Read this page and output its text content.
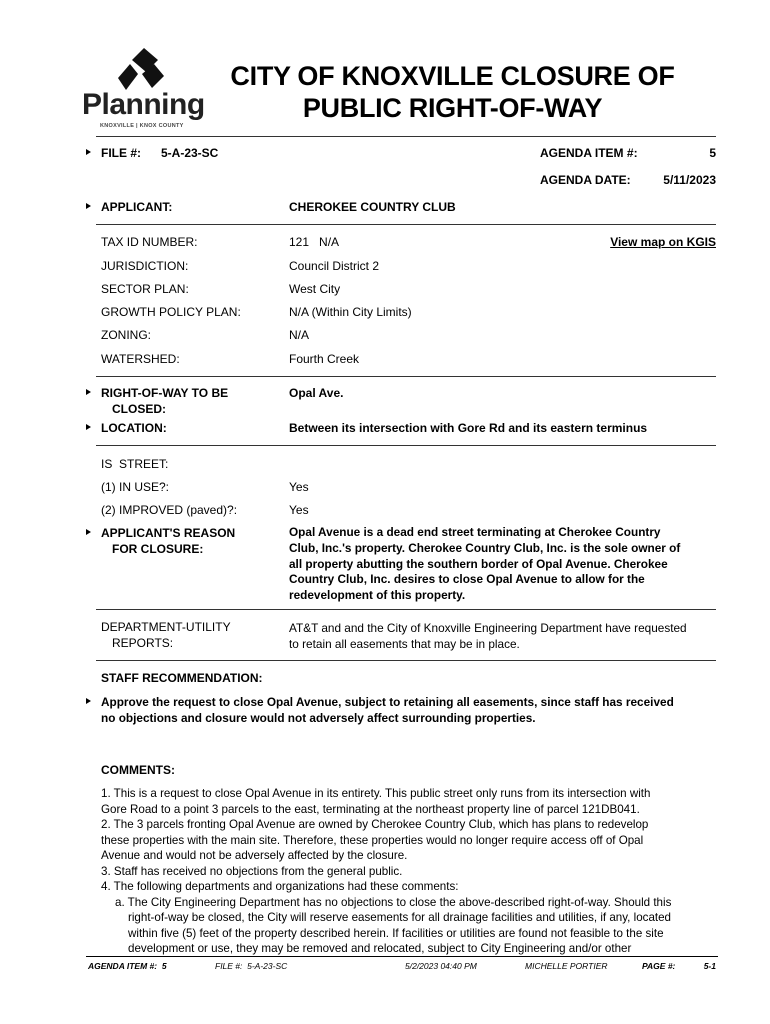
Planning
KNOXVILLE | KNOX COUNTY
CITY OF KNOXVILLE CLOSURE OF
PUBLIC RIGHT-OF-WAY
FILE #: 5-A-23-SC	AGENDA ITEM #:	5
AGENDA DATE:	5/11/2023
APPLICANT:	CHEROKEE COUNTRY CLUB
TAX ID NUMBER:	121   N/A	View map on KGIS
JURISDICTION:	Council District 2
SECTOR PLAN:	West City
GROWTH POLICY PLAN:	N/A (Within City Limits)
ZONING:	N/A
WATERSHED:	Fourth Creek
RIGHT-OF-WAY TO BE
CLOSED:
Opal Ave.
LOCATION:	Between its intersection with Gore Rd and its eastern terminus
IS  STREET:
(1) IN USE?:	Yes
(2) IMPROVED (paved)?:	Yes
APPLICANT'S REASON
FOR CLOSURE:
Opal Avenue is a dead end street terminating at Cherokee Country
Club, Inc.'s property. Cherokee Country Club, Inc. is the sole owner of
all property abutting the southern border of Opal Avenue. Cherokee
Country Club, Inc. desires to close Opal Avenue to allow for the
redevelopment of this property.
DEPARTMENT-UTILITY
REPORTS:
AT&T and and the City of Knoxville Engineering Department have requested
to retain all easements that may be in place.
STAFF RECOMMENDATION:
Approve the request to close Opal Avenue, subject to retaining all easements, since staff has received
no objections and closure would not adversely affect surrounding properties.
COMMENTS:
1. This is a request to close Opal Avenue in its entirety. This public street only runs from its intersection with
Gore Road to a point 3 parcels to the east, terminating at the northeast property line of parcel 121DB041.
2. The 3 parcels fronting Opal Avenue are owned by Cherokee Country Club, which has plans to redevelop
these properties with the main site. Therefore, these properties would no longer require access off of Opal
Avenue and would not be adversely affected by the closure.
3. Staff has received no objections from the general public.
4. The following departments and organizations had these comments:
a. The City Engineering Department has no objections to close the above-described right-of-way. Should this
right-of-way be closed, the City will reserve easements for all drainage facilities and utilities, if any, located
within five (5) feet of the property described herein. If facilities or utilities are found not feasible to the site
development or use, they may be removed and relocated, subject to City Engineering and/or other
AGENDA ITEM #:  5	FILE #:  5-A-23-SC	5/2/2023 04:40 PM	MICHELLE PORTIER	PAGE #:	5-1
